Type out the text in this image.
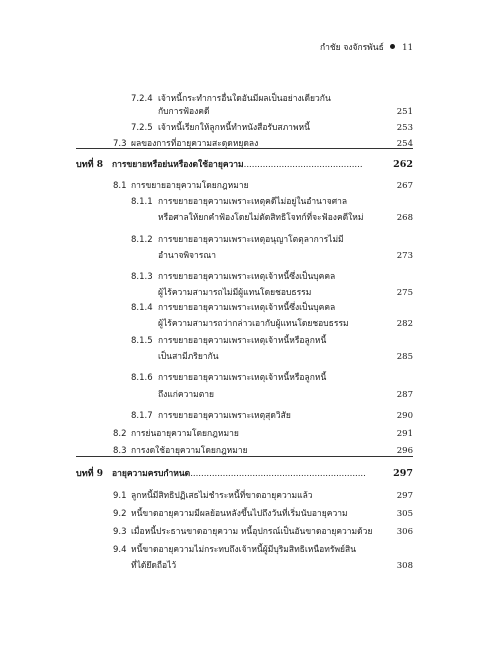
กำชัย จงจักรพันธ์ 11
7.2.4 เจ้าหนี้กระทำการอื่นใดอันมีผลเป็นอย่างเดียวกัน
กับการฟ้องคดี	251
7.2.5 เจ้าหนี้เรียกให้ลูกหนี้ทำหนังสือรับสภาพหนี้	253
7.3 ผลของการที่อายุความสะดุดหยุดลง	254
8.1 การขยายอายุความโดยกฎหมาย	267
8.1.1 การขยายอายุความเพราะเหตุคดีไม่อยู่ในอำนาจศาล
หรือศาลให้ยกคำฟ้องโดยไม่ตัดสิทธิโจทก์ที่จะฟ้องคดีใหม่	268
8.1.2 การขยายอายุความเพราะเหตุอนุญาโตตุลาการไม่มี
อำนาจพิจารณา	273
8.1.3 การขยายอายุความเพราะเหตุเจ้าหนี้ซึ่งเป็นบุคคล
ผู้ไร้ความสามารถไม่มีผู้แทนโดยชอบธรรม	275
8.1.4 การขยายอายุความเพราะเหตุเจ้าหนี้ซึ่งเป็นบุคคล
ผู้ไร้ความสามารถว่ากล่าวเอากับผู้แทนโดยชอบธรรม	282
8.1.5 การขยายอายุความเพราะเหตุเจ้าหนี้หรือลูกหนี้
เป็นสามีภริยากัน	285
8.1.6 การขยายอายุความเพราะเหตุเจ้าหนี้หรือลูกหนี้
ถึงแก่ความตาย	287
8.1.7 การขยายอายุความเพราะเหตุสุดวิสัย	290
8.2 การย่นอายุความโดยกฎหมาย	291
8.3 การงดใช้อายุความโดยกฎหมาย	296
9.1 ลูกหนี้มีสิทธิปฏิเสธไม่ชำระหนี้ที่ขาดอายุความแล้ว	297
9.2 หนี้ขาดอายุความมีผลย้อนหลังขึ้นไปถึงวันที่เริ่มนับอายุความ	305
9.3 เมื่อหนี้ประธานขาดอายุความ หนี้อุปกรณ์เป็นอันขาดอายุความด้วย	306
9.4 หนี้ขาดอายุความไม่กระทบถึงเจ้าหนี้ผู้มีบุริมสิทธิเหนือทรัพย์สิน
ที่ได้ยึดถือไว้	308
บทที่ 8 การขยายหรือย่นหรืองดใช้อายุความ............................................	262
บทที่ 9 อายุความครบกำหนด.................................................................	297
